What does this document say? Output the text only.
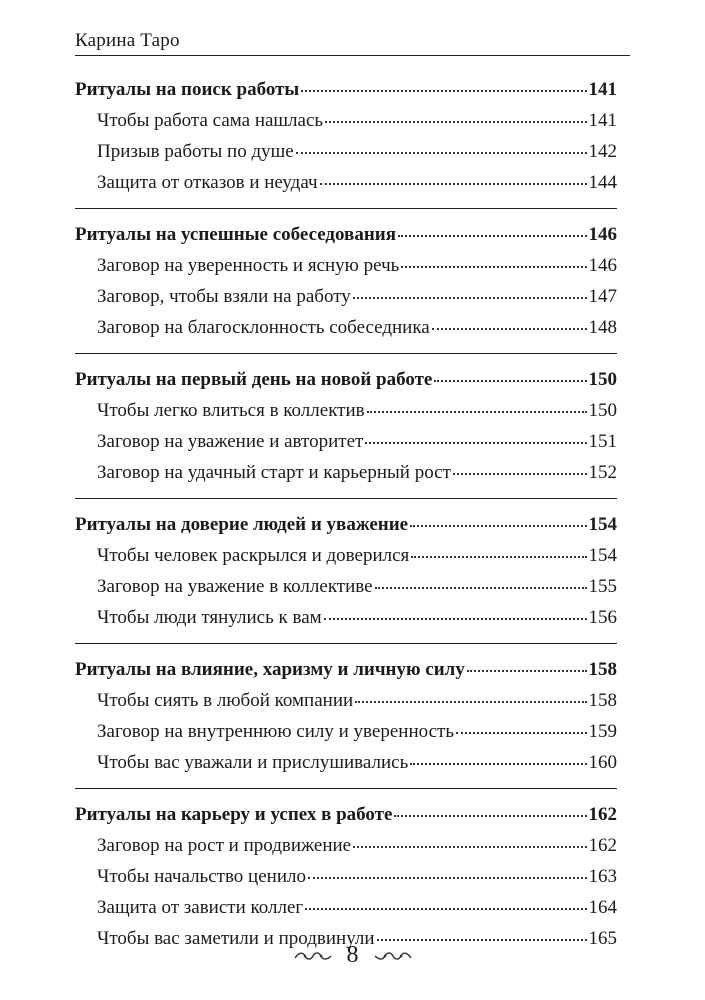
Карина Таро
Ритуалы на поиск работы	141
Чтобы работа сама нашлась	141
Призыв работы по душе	142
Защита от отказов и неудач	144
Ритуалы на успешные собеседования	146
Заговор на уверенность и ясную речь	146
Заговор, чтобы взяли на работу	147
Заговор на благосклонность собеседника	148
Ритуалы на первый день на новой работе	150
Чтобы легко влиться в коллектив	150
Заговор на уважение и авторитет	151
Заговор на удачный старт и карьерный рост	152
Ритуалы на доверие людей и уважение	154
Чтобы человек раскрылся и доверился	154
Заговор на уважение в коллективе	155
Чтобы люди тянулись к вам	156
Ритуалы на влияние, харизму и личную силу	158
Чтобы сиять в любой компании	158
Заговор на внутреннюю силу и уверенность	159
Чтобы вас уважали и прислушивались	160
Ритуалы на карьеру и успех в работе	162
Заговор на рост и продвижение	162
Чтобы начальство ценило	163
Защита от зависти коллег	164
Чтобы вас заметили и продвинули	165
8
